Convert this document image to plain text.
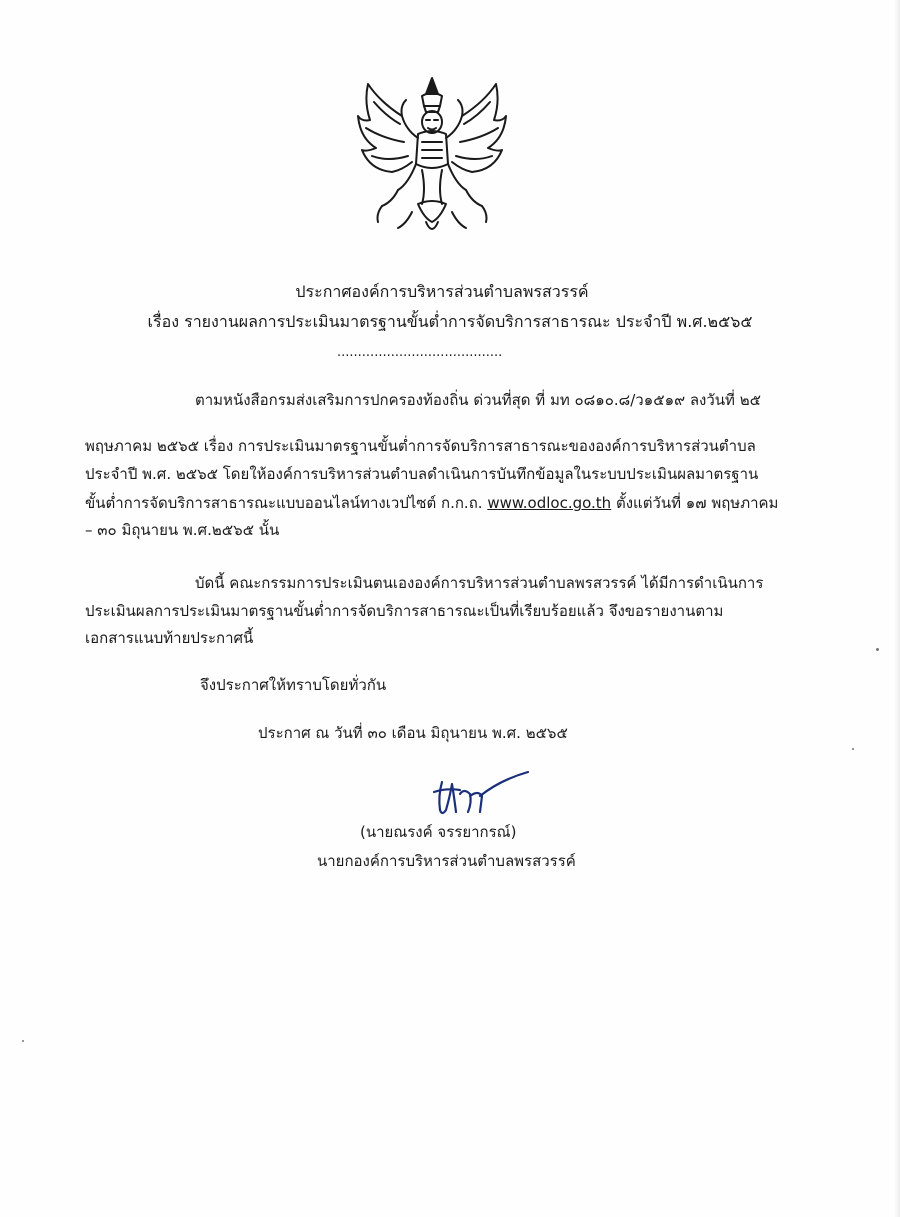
ประกาศองค์การบริหารส่วนตำบลพรสวรรค์
เรื่อง รายงานผลการประเมินมาตรฐานขั้นต่ำการจัดบริการสาธารณะ ประจำปี พ.ศ.๒๕๖๕
........................................
ตามหนังสือกรมส่งเสริมการปกครองท้องถิ่น ด่วนที่สุด ที่ มท ๐๘๑๐.๘/ว๑๕๑๙ ลงวันที่ ๒๕
พฤษภาคม ๒๕๖๕ เรื่อง การประเมินมาตรฐานขั้นต่ำการจัดบริการสาธารณะขององค์การบริหารส่วนตำบล
ประจำปี พ.ศ. ๒๕๖๕ โดยให้องค์การบริหารส่วนตำบลดำเนินการบันทึกข้อมูลในระบบประเมินผลมาตรฐาน
ขั้นต่ำการจัดบริการสาธารณะแบบออนไลน์ทางเวปไซต์ ก.ก.ถ. www.odloc.go.th ตั้งแต่วันที่ ๑๗ พฤษภาคม
– ๓๐ มิถุนายน พ.ศ.๒๕๖๕ นั้น
บัดนี้ คณะกรรมการประเมินตนเององค์การบริหารส่วนตำบลพรสวรรค์ ได้มีการดำเนินการ
ประเมินผลการประเมินมาตรฐานขั้นต่ำการจัดบริการสาธารณะเป็นที่เรียบร้อยแล้ว จึงขอรายงานตาม
เอกสารแนบท้ายประกาศนี้
จึงประกาศให้ทราบโดยทั่วกัน
ประกาศ ณ วันที่ ๓๐ เดือน มิถุนายน พ.ศ. ๒๕๖๕
(นายณรงค์ จรรยากรณ์)
นายกองค์การบริหารส่วนตำบลพรสวรรค์
